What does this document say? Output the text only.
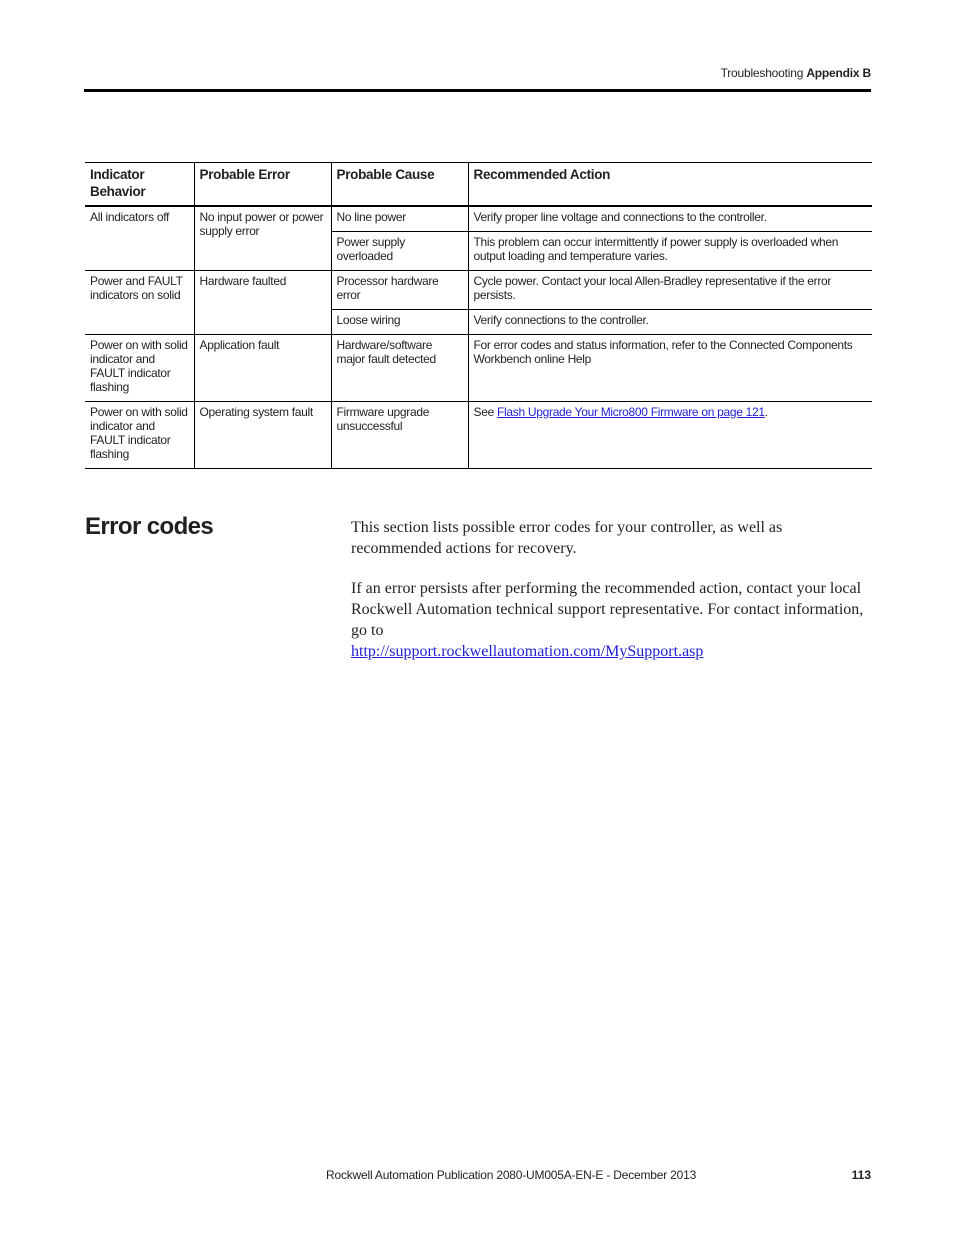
Troubleshooting Appendix B
Indicator Behavior	Probable Error	Probable Cause	Recommended Action
All indicators off	No input power or power supply error	No line power	Verify proper line voltage and connections to the controller.
		Power supply overloaded	This problem can occur intermittently if power supply is overloaded when output loading and temperature varies.
Power and FAULT indicators on solid	Hardware faulted	Processor hardware error	Cycle power. Contact your local Allen-Bradley representative if the error persists.
		Loose wiring	Verify connections to the controller.
Power on with solid indicator and FAULT indicator flashing	Application fault	Hardware/software major fault detected	For error codes and status information, refer to the Connected Components Workbench online Help
Power on with solid indicator and FAULT indicator flashing	Operating system fault	Firmware upgrade unsuccessful	See Flash Upgrade Your Micro800 Firmware on page 121.
Error codes	This section lists possible error codes for your controller, as well as recommended actions for recovery.

If an error persists after performing the recommended action, contact your local Rockwell Automation technical support representative. For contact information, go to
http://support.rockwellautomation.com/MySupport.asp
Rockwell Automation Publication 2080-UM005A-EN-E - December 2013	113
